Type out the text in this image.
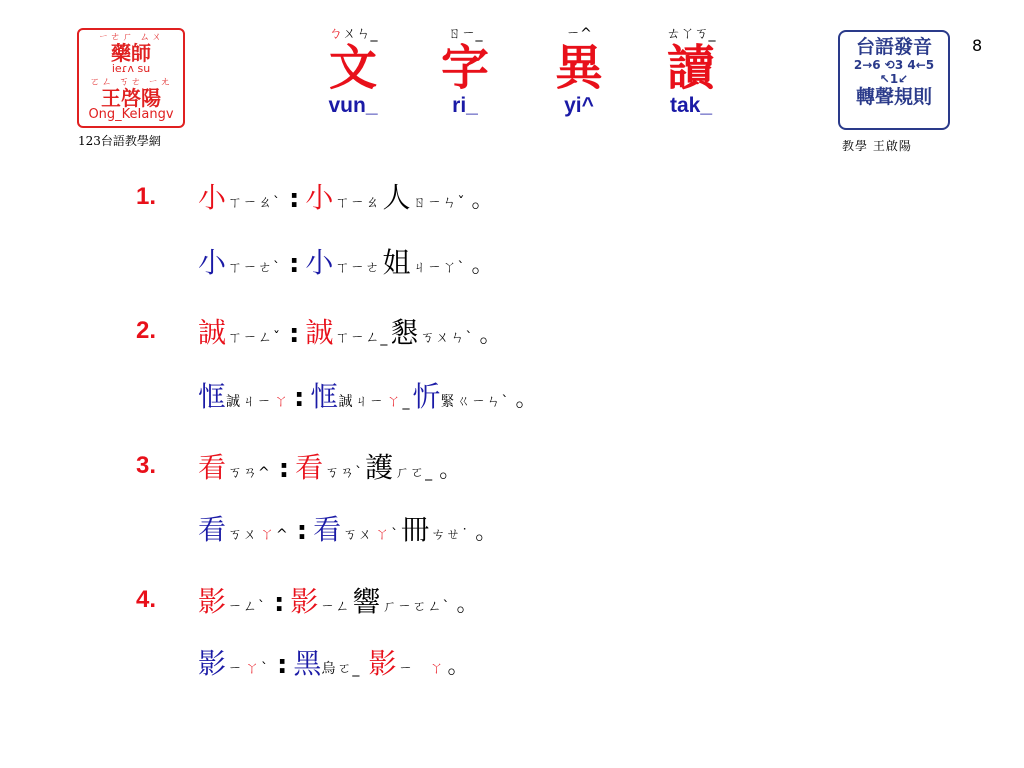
ㄧㄜㄏ ㄙㄨ
藥師
ieɾʌ su
ㄛㄥ ㄎㄜ ㄧㄤ
王啓陽
Ong_KeIangv
123台語教學網
台語發音
2→6 ⟲3 4←5
↖1↙
轉聲規則
教學 王啟陽
8
ㄅㄨㄣ_
文
vun_
ㄖㄧ_
字
ri_
ㄧ^
異
yi^
ㄊㄚㄎ_
讀
tak_
1. 小 ㄒㄧㄠˋ : 小 ㄒㄧㄠ 人 ㄖㄧㄣˇ 。
小 ㄒㄧㄜˋ : 小 ㄒㄧㄜ 姐 ㄐㄧㄚˋ 。
2. 誠 ㄒㄧㄥˇ : 誠 ㄒㄧㄥ_ 懇 ㄎㄨㄣˋ 。
恇 誠 ㄐㄧ ㄚ : 恇 誠 ㄐㄧ ㄚ _ 忻 緊 ㄍㄧㄣˋ 。
3. 看 ㄎㄢ^ : 看 ㄎㄢˋ 護 ㄏㄛ_ 。
看 ㄎㄨ ㄚ ^ : 看 ㄎㄨ ㄚ ˋ 冊 ㄘㄝ˙ 。
4. 影 ㄧㄥˋ : 影 ㄧㄥ 響 ㄏㄧㄛㄥˋ 。
影 ㄧ ㄚ ˋ : 黑 烏 ㄛ_ 影 ㄧ ㄚ 。
